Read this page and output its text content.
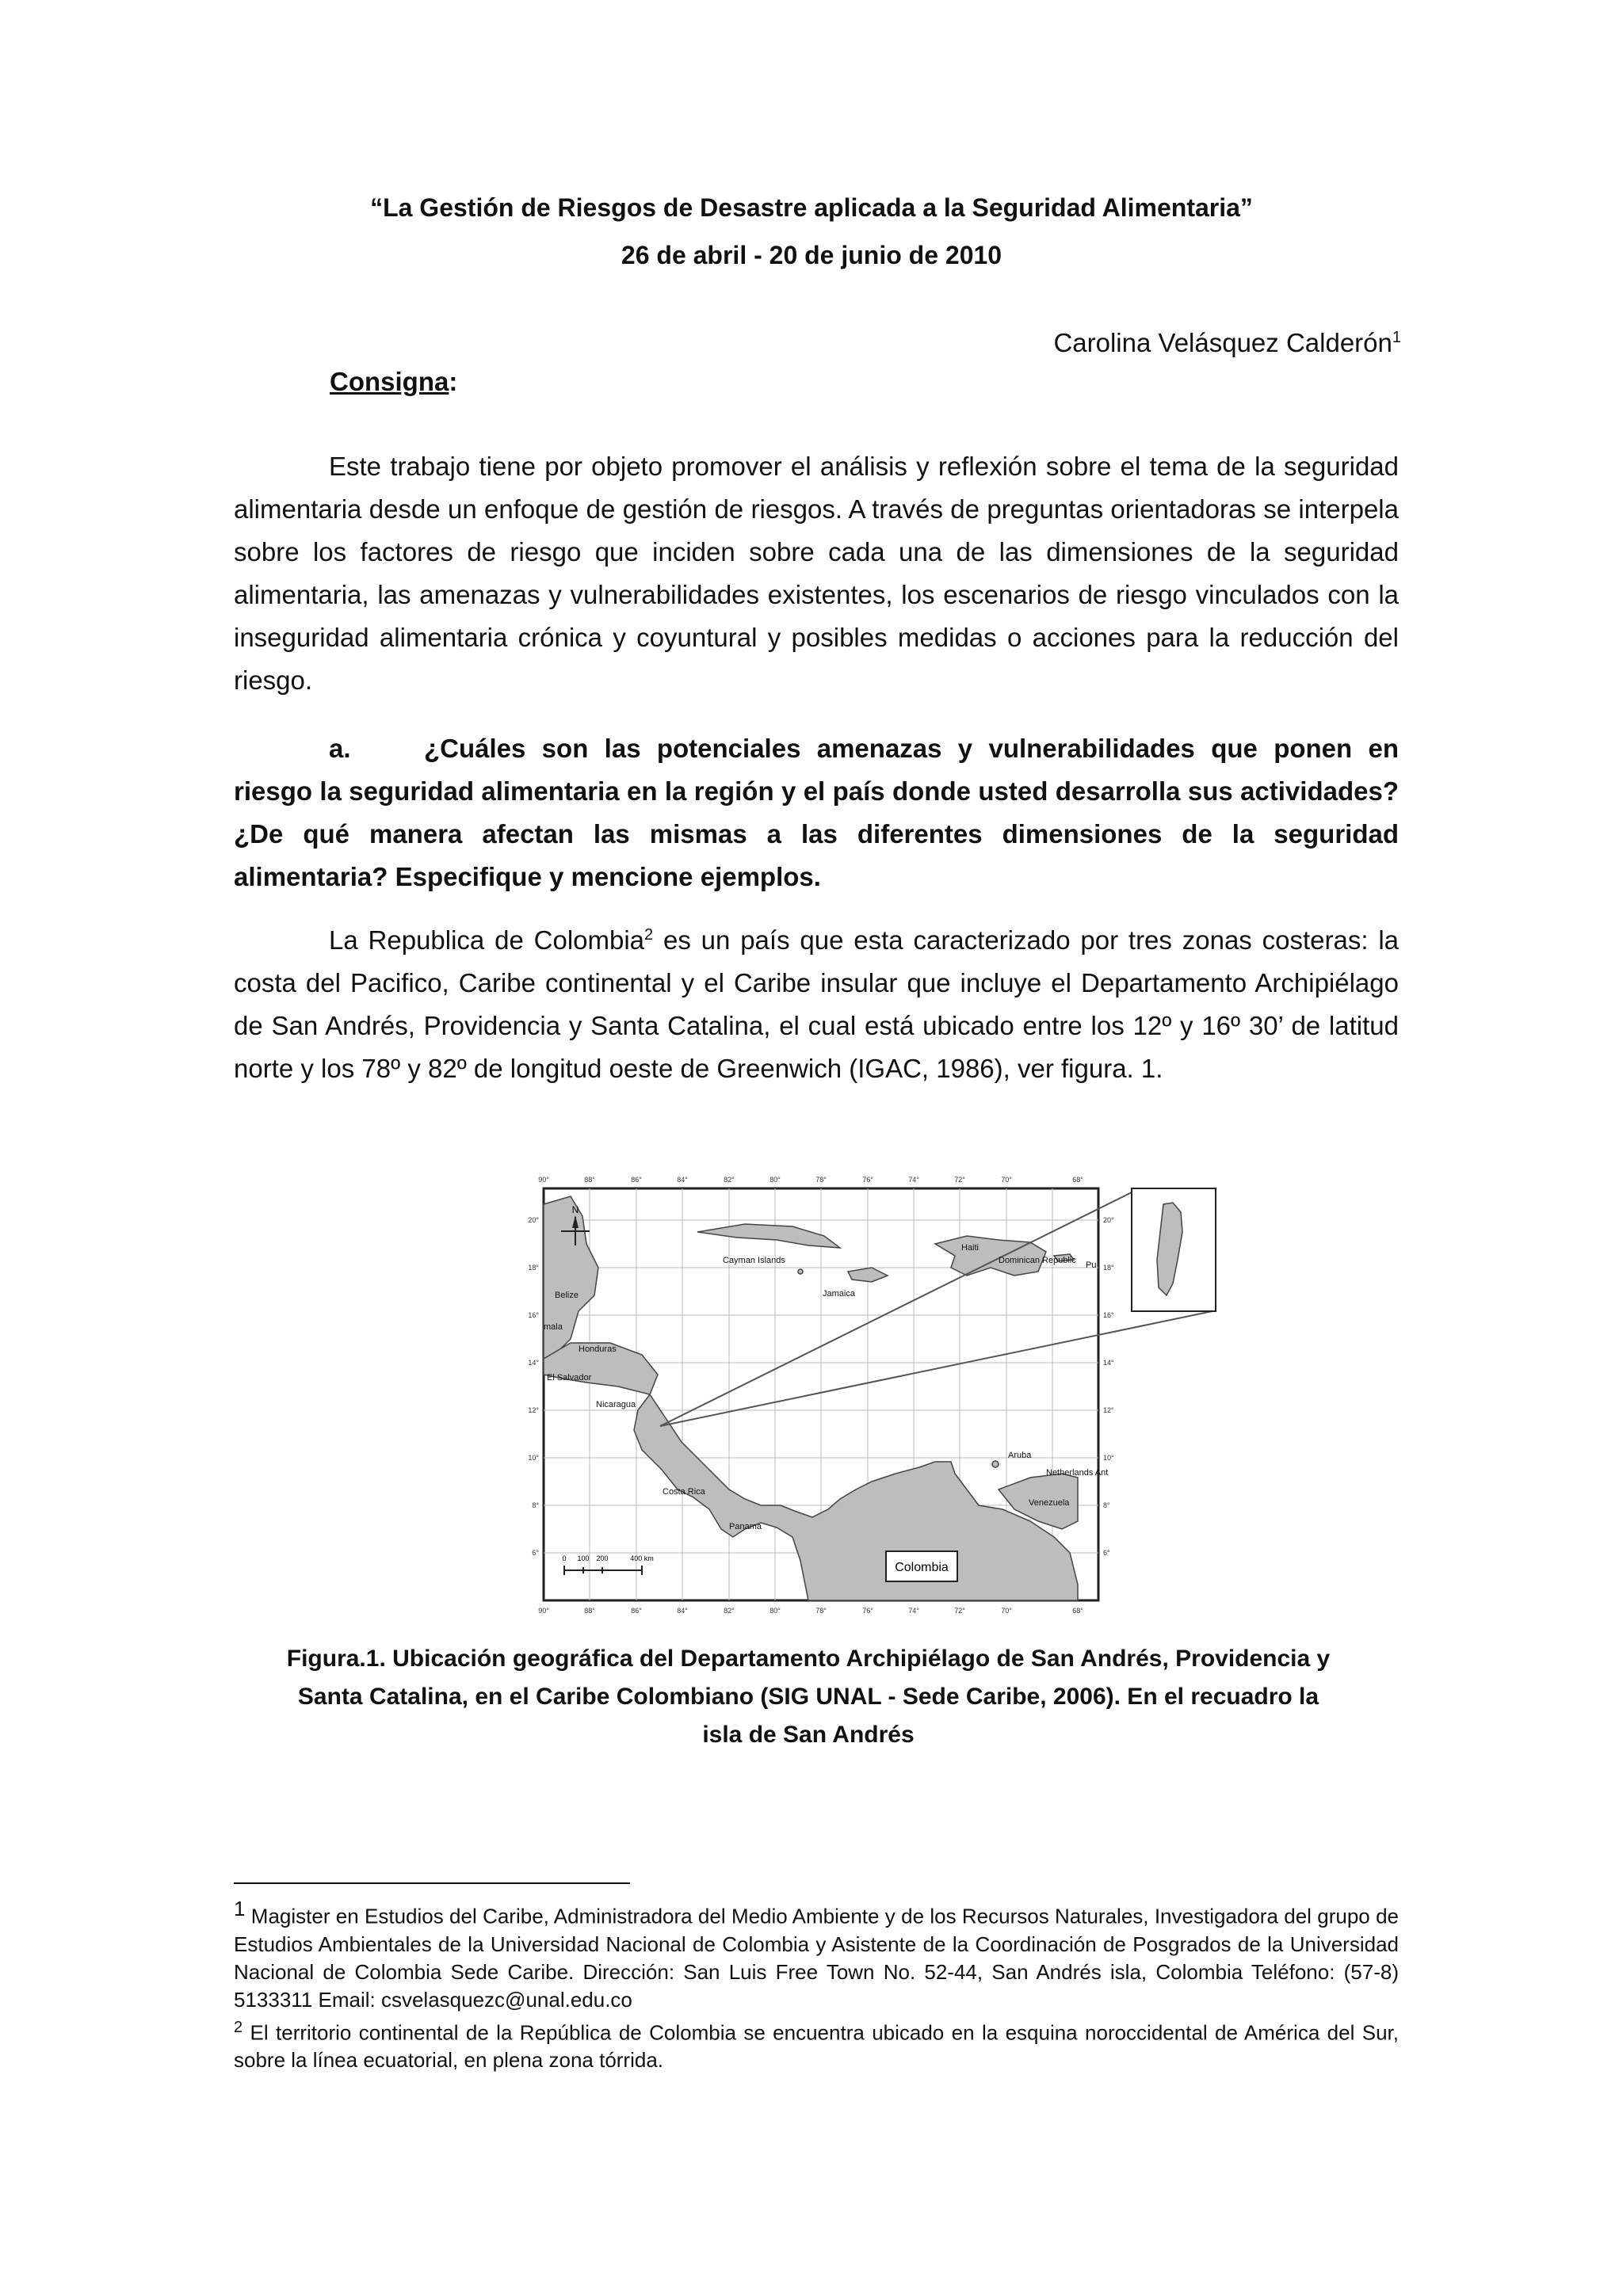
“La Gestión de Riesgos de Desastre aplicada a la Seguridad Alimentaria”
26 de abril - 20 de junio de 2010
Carolina Velásquez Calderón$^1$
Consigna:

Este trabajo tiene por objeto promover el análisis y reflexión sobre el tema de la seguridad alimentaria desde un enfoque de gestión de riesgos. A través de preguntas orientadoras se interpela sobre los factores de riesgo que inciden sobre cada una de las dimensiones de la seguridad alimentaria, las amenazas y vulnerabilidades existentes, los escenarios de riesgo vinculados con la inseguridad alimentaria crónica y coyuntural y posibles medidas o acciones para la reducción del riesgo.

a.	¿Cuáles son las potenciales amenazas y vulnerabilidades que ponen en riesgo la seguridad alimentaria en la región y el país donde usted desarrolla sus actividades? ¿De qué manera afectan las mismas a las diferentes dimensiones de la seguridad alimentaria? Especifique y mencione ejemplos.

La Republica de Colombia$^2$ es un país que esta caracterizado por tres zonas costeras: la costa del Pacifico, Caribe continental y el Caribe insular que incluye el Departamento Archipiélago de San Andrés, Providencia y Santa Catalina, el cual está ubicado entre los 12º y 16º 30’ de latitud norte y los 78º y 82º de longitud oeste de Greenwich (IGAC, 1986), ver figura. 1.

N
0 100 200	400 km
Cayman Islands
Haiti
Dominican Republic Pu
Jamaica
Belize
mala
Honduras
El Salvador
Nicaragua
Costa Rica
Panama
Aruba
Netherlands Ant
Venezuela
Colombia
90°	88°	86°	84°	82°	80°	78°	76°	74°	72°	70°	68°
90°	88°	86°	84°	82°	80°	78°	76°	74°	72°	70°	68°
20°
18°
16°
14°
12°
10°
8°
6°
20°
18°
16°
14°
12°
10°
8°
6°
Figura.1. Ubicación geográfica del Departamento Archipiélago de San Andrés, Providencia y Santa Catalina, en el Caribe Colombiano (SIG UNAL - Sede Caribe, 2006). En el recuadro la isla de San Andrés

$^1$ Magister en Estudios del Caribe, Administradora del Medio Ambiente y de los Recursos Naturales, Investigadora del grupo de Estudios Ambientales de la Universidad Nacional de Colombia y Asistente de la Coordinación de Posgrados de la Universidad Nacional de Colombia Sede Caribe. Dirección: San Luis Free Town No. 52-44, San Andrés isla, Colombia Teléfono: (57-8) 5133311 Email: csvelasquezc@unal.edu.co

$^2$ El territorio continental de la República de Colombia se encuentra ubicado en la esquina noroccidental de América del Sur, sobre la línea ecuatorial, en plena zona tórrida.
